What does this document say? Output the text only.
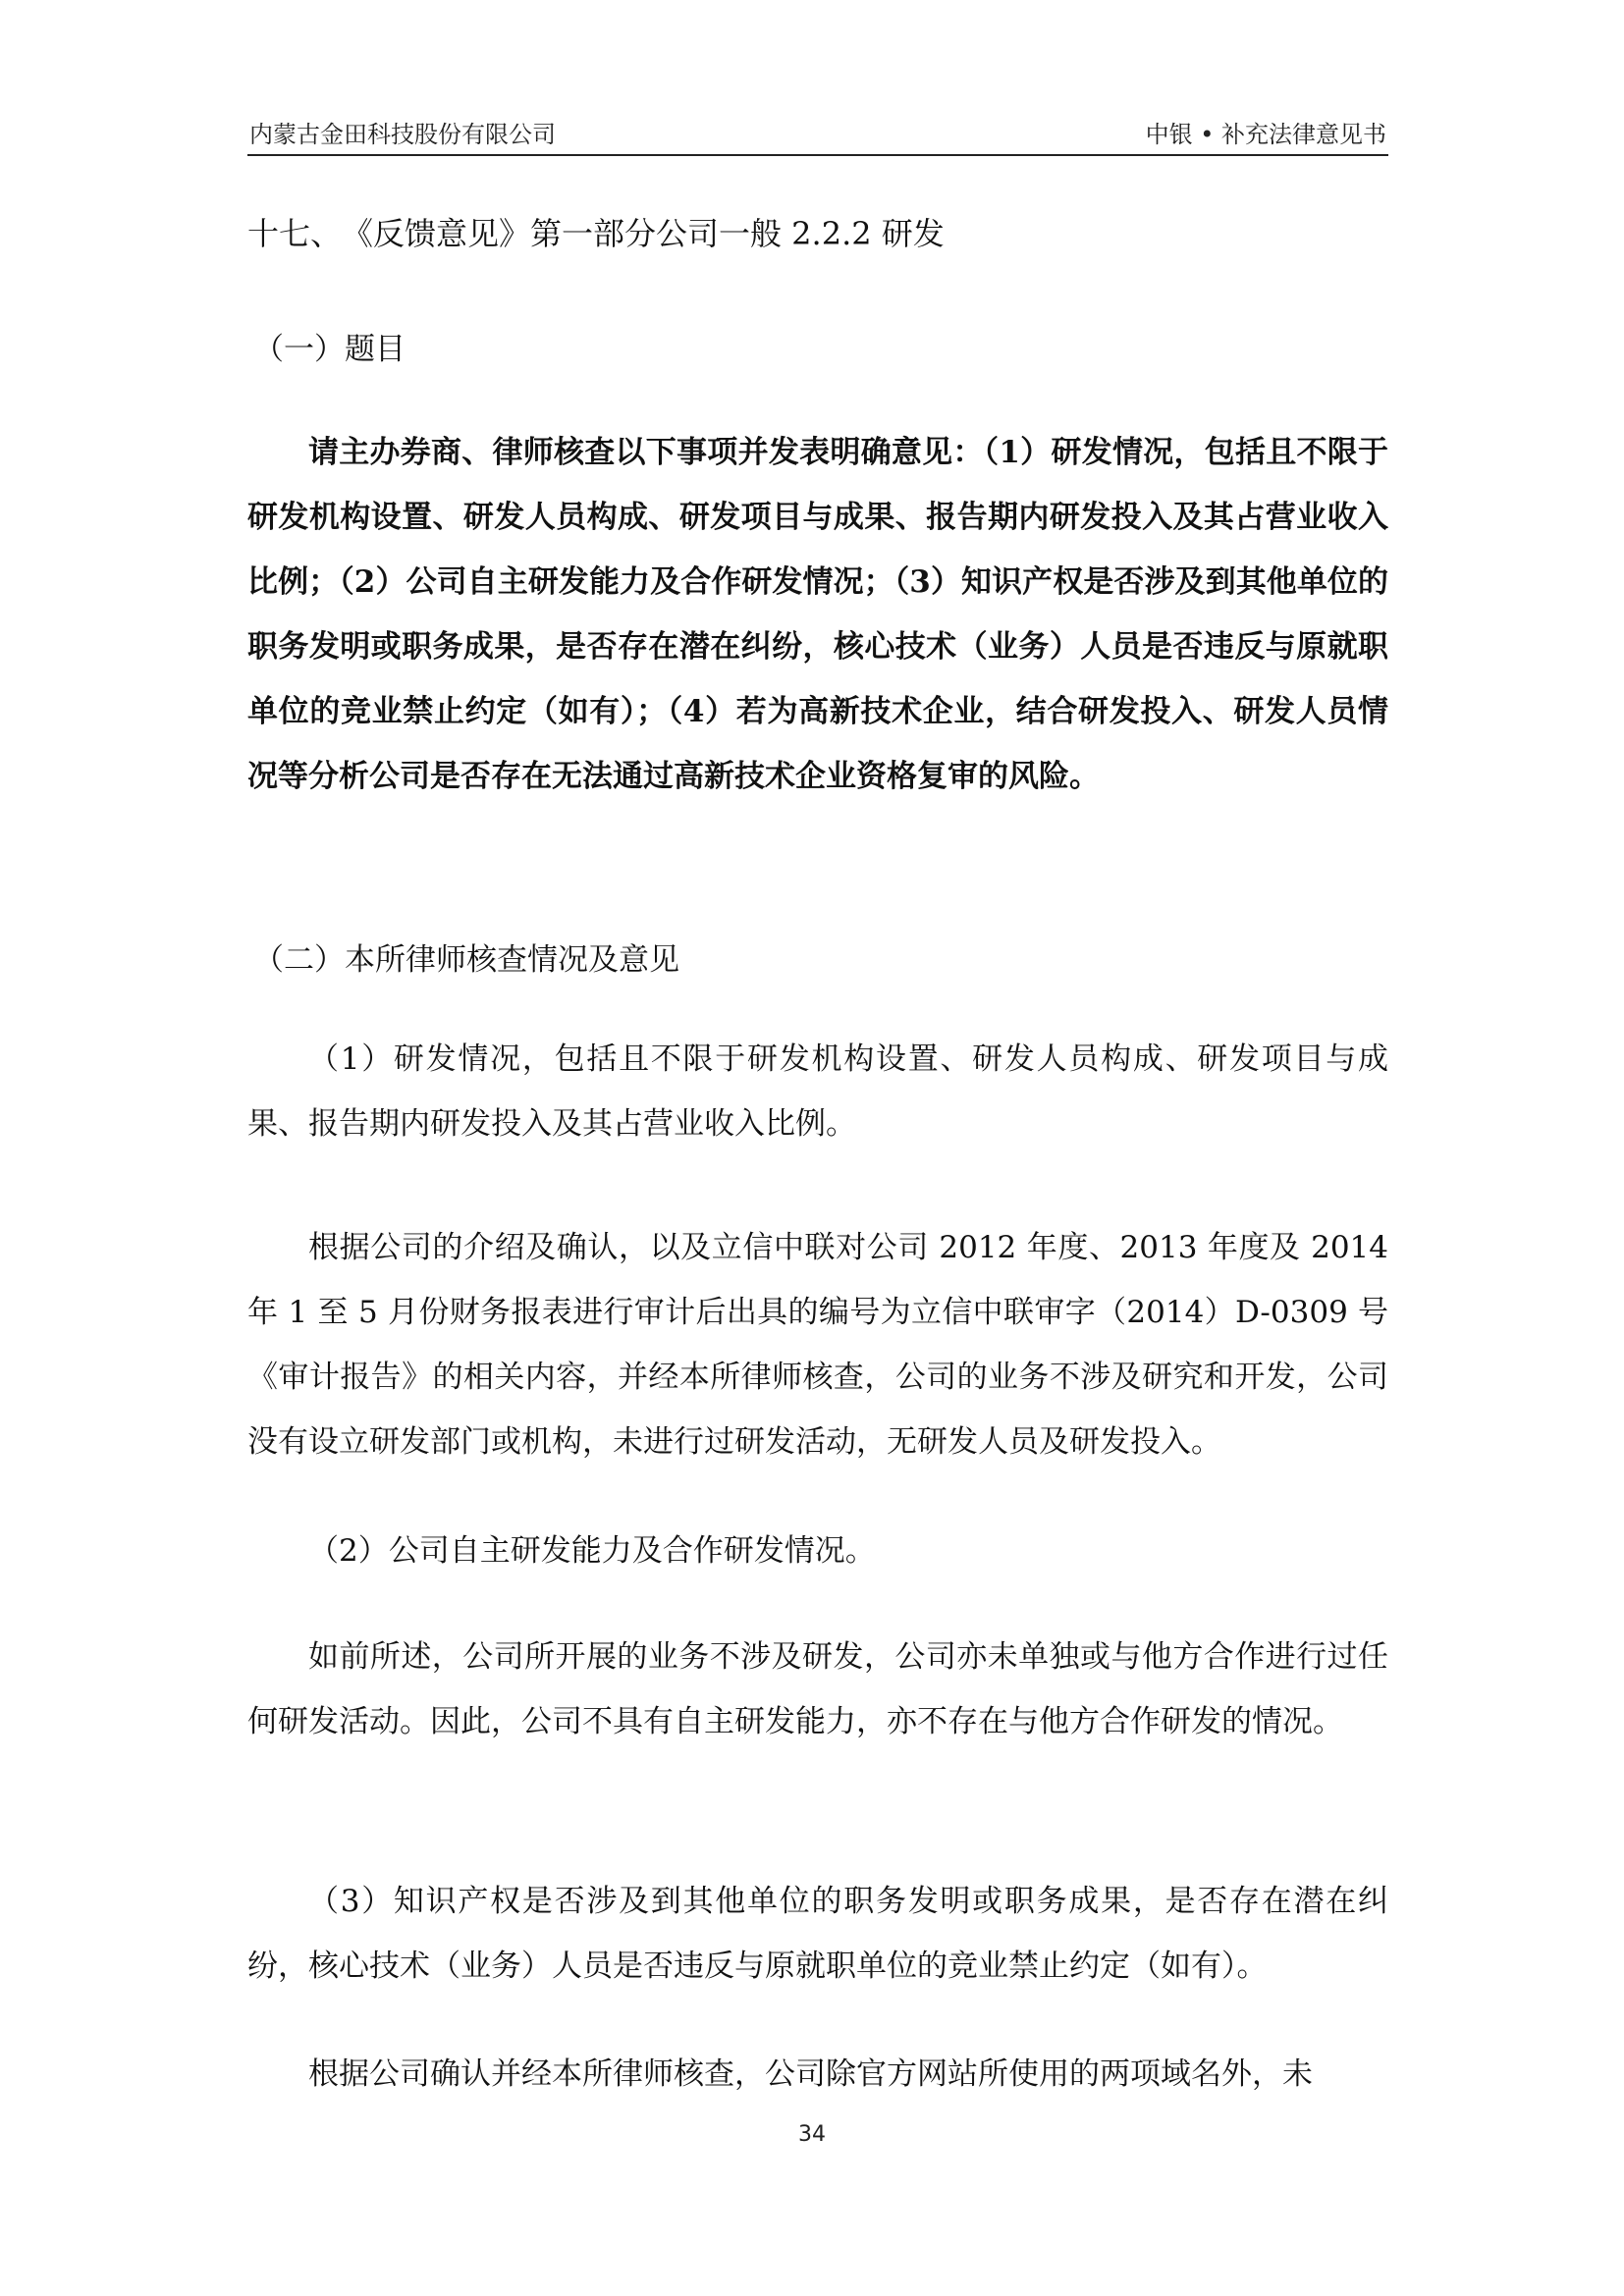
内蒙古金田科技股份有限公司	中银 • 补充法律意见书
十七、　《反馈意见》第一部分公司一般 2.2.2 研发
（一）题目

请主办券商、律师核查以下事项并发表明确意见：（1）研发情况，包括且不限于研发机构设置、研发人员构成、研发项目与成果、报告期内研发投入及其占营业收入比例；（2）公司自主研发能力及合作研发情况；（3）知识产权是否涉及到其他单位的职务发明或职务成果，是否存在潜在纠纷，核心技术（业务）人员是否违反与原就职单位的竞业禁止约定（如有）；（4）若为高新技术企业，结合研发投入、研发人员情况等分析公司是否存在无法通过高新技术企业资格复审的风险。

（二）本所律师核查情况及意见

（1）研发情况，包括且不限于研发机构设置、研发人员构成、研发项目与成果、报告期内研发投入及其占营业收入比例。

根据公司的介绍及确认，以及立信中联对公司 2012 年度、2013 年度及 2014 年 1 至 5 月份财务报表进行审计后出具的编号为立信中联审字（2014）D-0309 号《审计报告》的相关内容，并经本所律师核查，公司的业务不涉及研究和开发，公司没有设立研发部门或机构，未进行过研发活动，无研发人员及研发投入。

（2）公司自主研发能力及合作研发情况。

如前所述，公司所开展的业务不涉及研发，公司亦未单独或与他方合作进行过任何研发活动。因此，公司不具有自主研发能力，亦不存在与他方合作研发的情况。

（3）知识产权是否涉及到其他单位的职务发明或职务成果，是否存在潜在纠纷，核心技术（业务）人员是否违反与原就职单位的竞业禁止约定（如有）。

根据公司确认并经本所律师核查，公司除官方网站所使用的两项域名外，未

34
